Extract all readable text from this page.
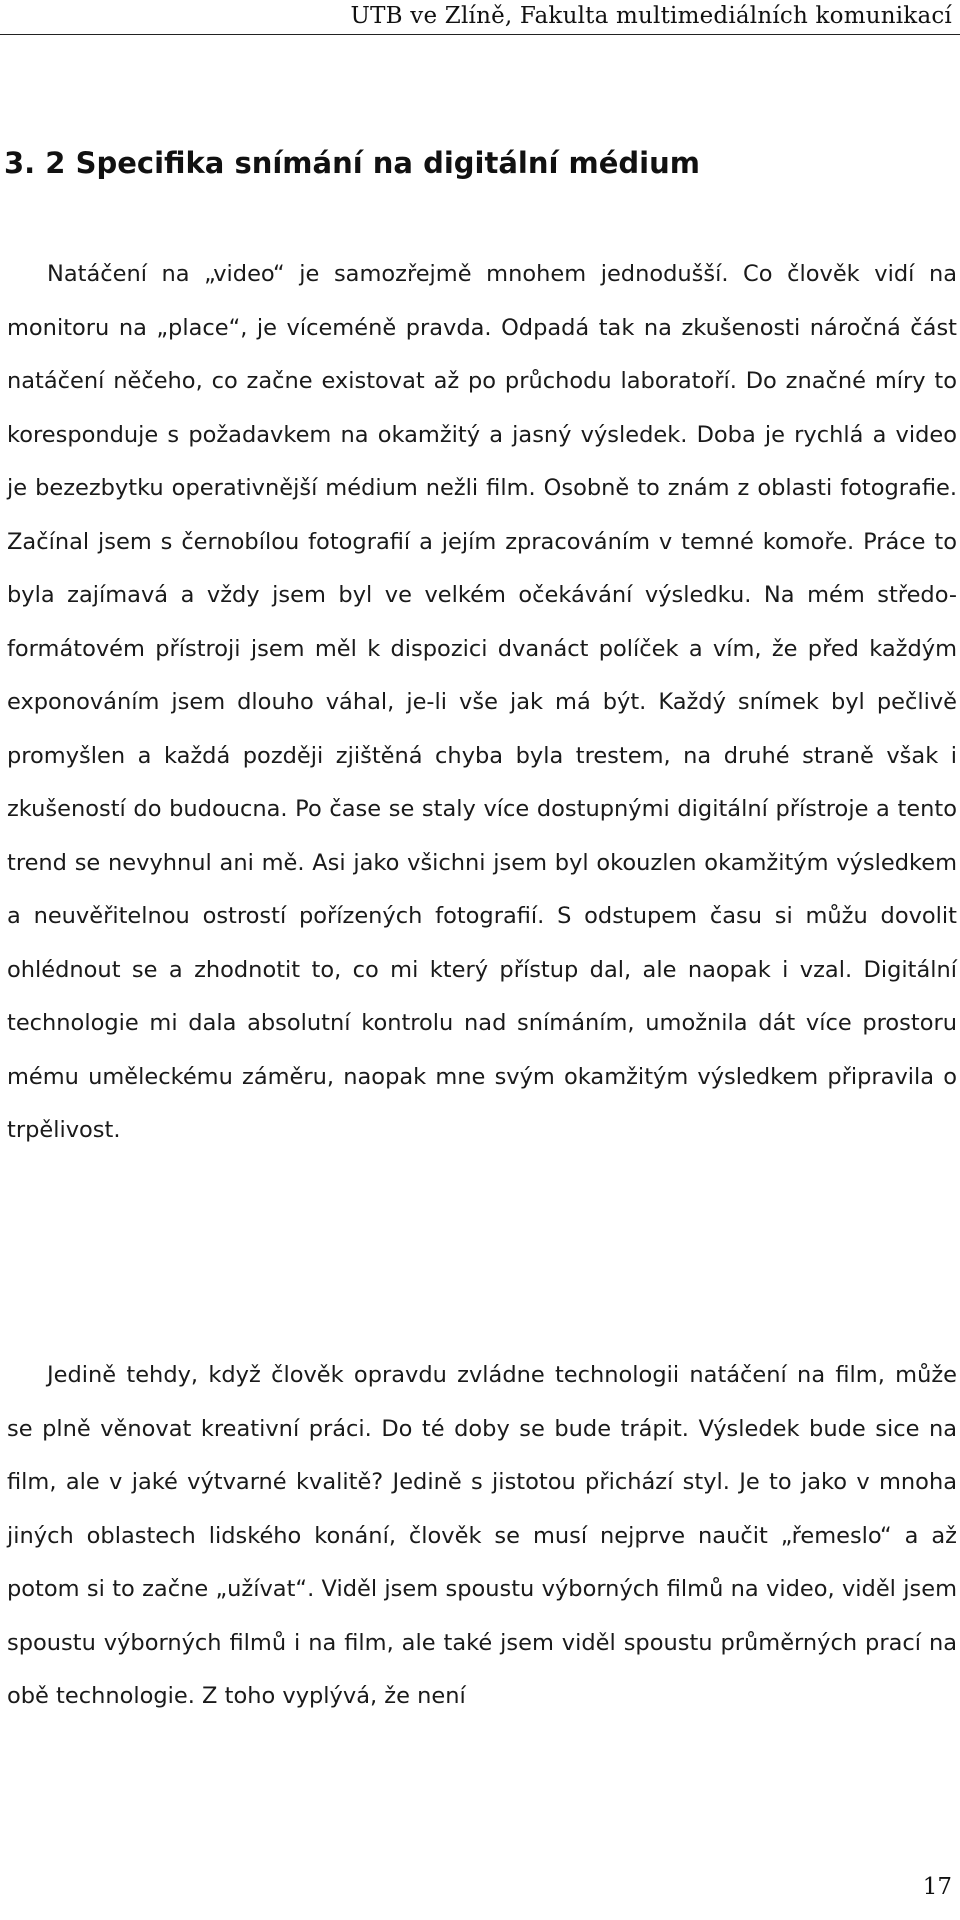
UTB ve Zlíně, Fakulta multimediálních komunikací
3. 2 Specifika snímání na digitální médium

Natáčení na „video“ je samozřejmě mnohem jednodušší. Co člověk vidí na monitoru na „place“, je víceméně pravda. Odpadá tak na zkušenosti náročná část natáčení něčeho, co začne existovat až po průchodu laboratoří. Do značné míry to koresponduje s požadavkem na okamžitý a jasný výsledek. Doba je rychlá a video je bezezbytku operativnější médium nežli film. Osobně to znám z oblasti fotografie. Začínal jsem s černobílou fotografií a jejím zpracováním v temné komoře. Práce to byla zajímavá a vždy jsem byl ve velkém očekávání výsledku. Na mém středo-formátovém přístroji jsem měl k dispozici dvanáct políček a vím, že před každým exponováním jsem dlouho váhal, je-li vše jak má být. Každý snímek byl pečlivě promyšlen a každá později zjištěná chyba byla trestem, na druhé straně však i zkušeností do budoucna. Po čase se staly více dostupnými digitální přístroje a tento trend se nevyhnul ani mě. Asi jako všichni jsem byl okouzlen okamžitým výsledkem a neuvěřitelnou ostrostí pořízených fotografií. S odstupem času si můžu dovolit ohlédnout se a zhodnotit to, co mi který přístup dal, ale naopak i vzal. Digitální technologie mi dala absolutní kontrolu nad snímáním, umožnila dát více prostoru mému uměleckému záměru, naopak mne svým okamžitým výsledkem připravila o trpělivost.

Jedině tehdy, když člověk opravdu zvládne technologii natáčení na film, může se plně věnovat kreativní práci. Do té doby se bude trápit. Výsledek bude sice na film, ale v jaké výtvarné kvalitě? Jedině s jistotou přichází styl. Je to jako v mnoha jiných oblastech lidského konání, člověk se musí nejprve naučit „řemeslo“ a až potom si to začne „užívat“. Viděl jsem spoustu výborných filmů na video, viděl jsem spoustu výborných filmů i na film, ale také jsem viděl spoustu průměrných prací na obě technologie. Z toho vyplývá, že není

17
